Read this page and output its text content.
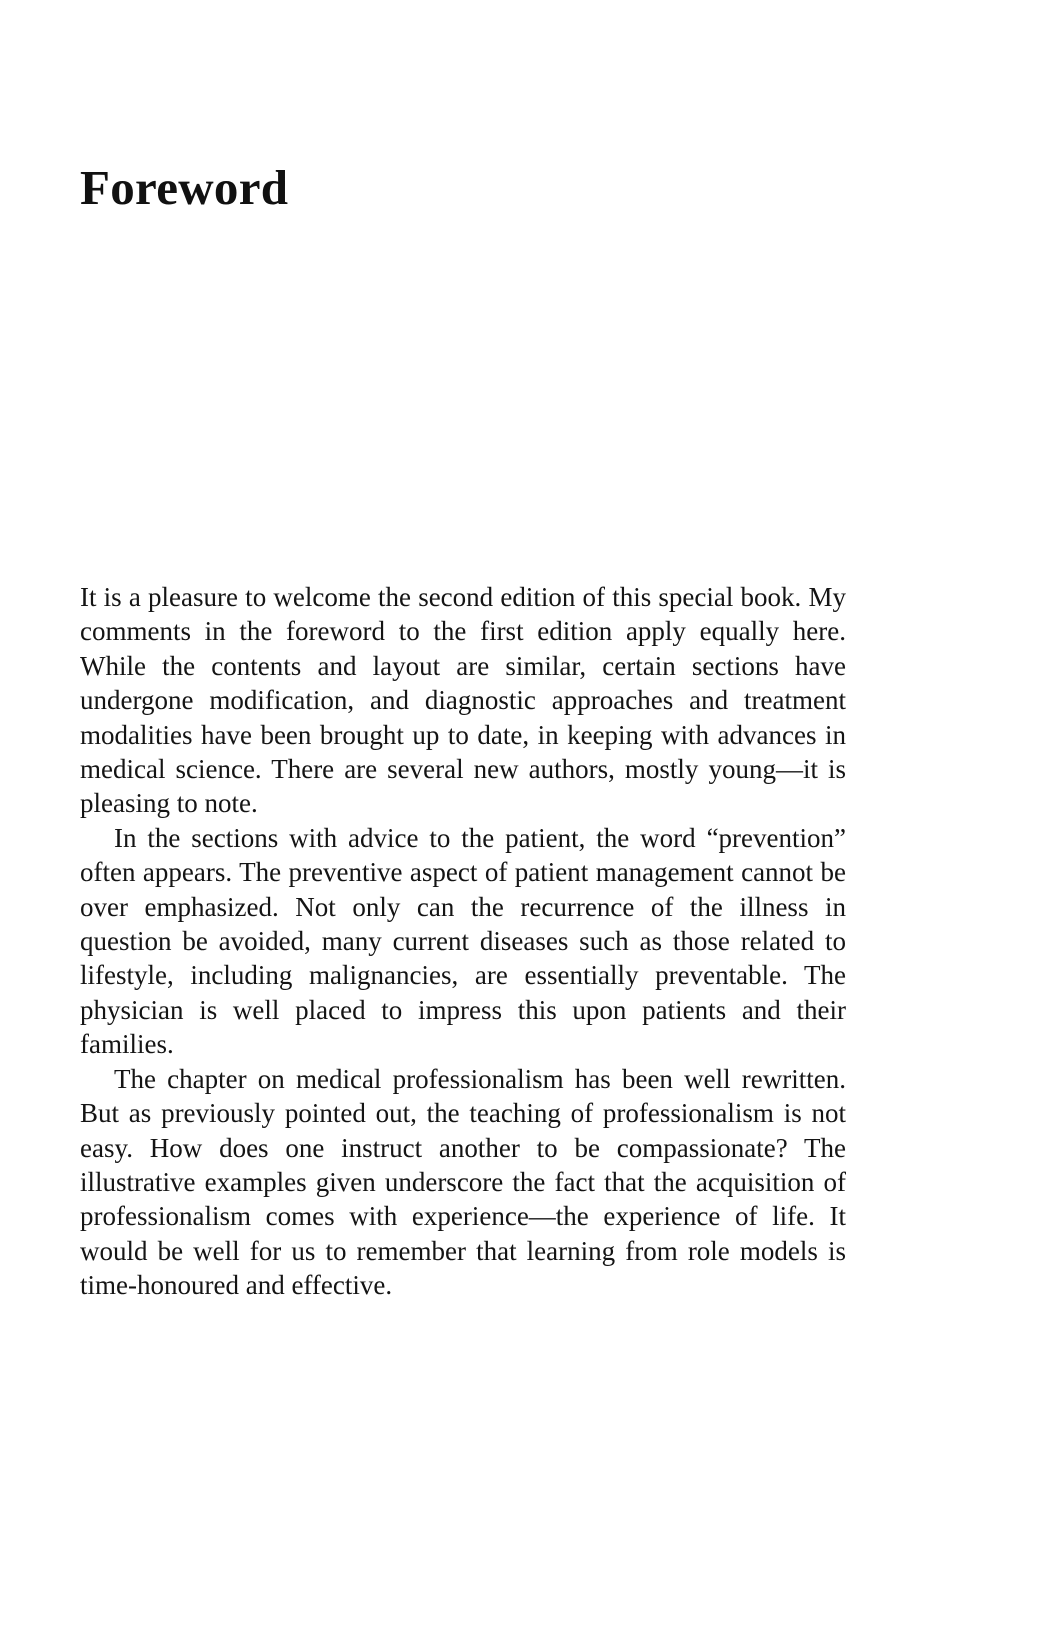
Foreword

It is a pleasure to welcome the second edition of this special book. My comments in the foreword to the first edition apply equally here. While the contents and layout are similar, certain sections have undergone modification, and diagnostic approaches and treatment modalities have been brought up to date, in keeping with advances in medical science. There are several new authors, mostly young—it is pleasing to note.

In the sections with advice to the patient, the word “prevention” often appears. The preventive aspect of patient management cannot be over emphasized. Not only can the recurrence of the illness in question be avoided, many current diseases such as those related to lifestyle, including malignancies, are essentially preventable. The physician is well placed to impress this upon patients and their families.

The chapter on medical professionalism has been well rewritten. But as previously pointed out, the teaching of professionalism is not easy. How does one instruct another to be compassionate? The illustrative examples given underscore the fact that the acquisition of professionalism comes with experience—the experience of life. It would be well for us to remember that learning from role models is time-honoured and effective.
